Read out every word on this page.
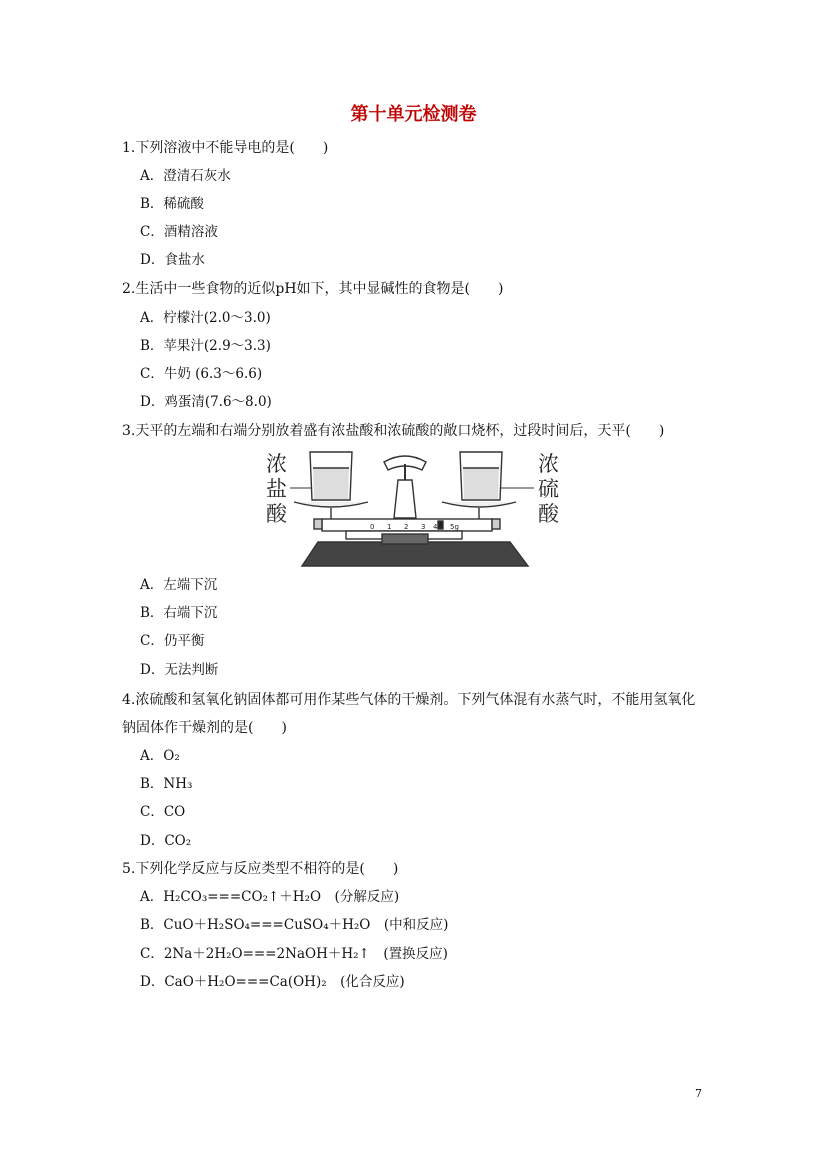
第十单元检测卷
1.下列溶液中不能导电的是(　　)
A．澄清石灰水
B．稀硫酸
C．酒精溶液
D．食盐水
2.生活中一些食物的近似pH如下，其中显碱性的食物是(　　)
A．柠檬汁(2.0～3.0)
B．苹果汁(2.9～3.3)
C．牛奶 (6.3～6.6)
D．鸡蛋清(7.6～8.0)
3.天平的左端和右端分别放着盛有浓盐酸和浓硫酸的敞口烧杯，过段时间后，天平(　　)
浓
盐
酸
浓
硫
酸
0 1 2 3 4 5g
A．左端下沉
B．右端下沉
C．仍平衡
D．无法判断
4.浓硫酸和氢氧化钠固体都可用作某些气体的干燥剂。下列气体混有水蒸气时，不能用氢氧化钠固体作干燥剂的是(　　)
A．O₂
B．NH₃
C．CO
D．CO₂
5.下列化学反应与反应类型不相符的是(　　)
A．H₂CO₃===CO₂↑＋H₂O　(分解反应)
B．CuO＋H₂SO₄===CuSO₄＋H₂O　(中和反应)
C．2Na＋2H₂O===2NaOH＋H₂↑　(置换反应)
D．CaO＋H₂O===Ca(OH)₂　(化合反应)
7
